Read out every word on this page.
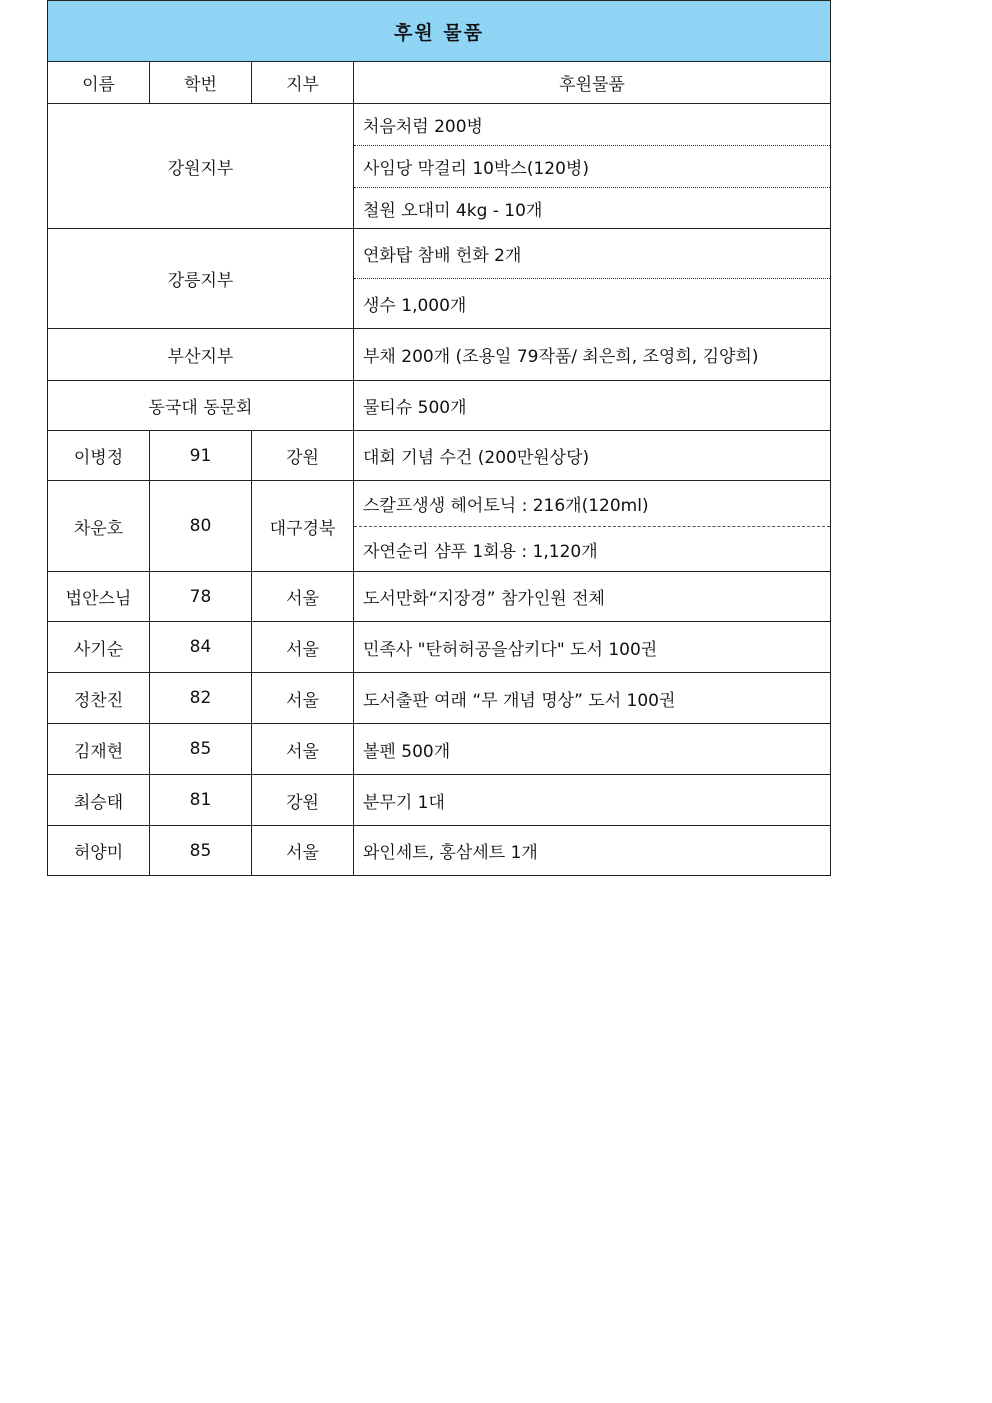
후원 물품			
이름	학번	지부	후원물품
강원지부			처음처럼 200병
사임당 막걸리 10박스(120병)
철원 오대미 4kg - 10개

강릉지부			연화탑 참배 헌화 2개
생수 1,000개

부산지부			부채 200개 (조용일 79작품/ 최은희, 조영희, 김양희)
동국대 동문회			물티슈 500개
이병정	91	강원	대회 기념 수건 (200만원상당)
차운호	80	대구경북	스칼프생생 헤어토닉 : 216개(120ml)
자연순리 샴푸 1회용 : 1,120개

법안스님	78	서울	도서만화“지장경” 참가인원 전체
사기순	84	서울	민족사 "탄허허공을삼키다" 도서 100권
정찬진	82	서울	도서출판 여래 “무 개념 명상” 도서 100권
김재현	85	서울	볼펜 500개
최승태	81	강원	분무기 1대
허양미	85	서울	와인세트, 홍삼세트 1개
